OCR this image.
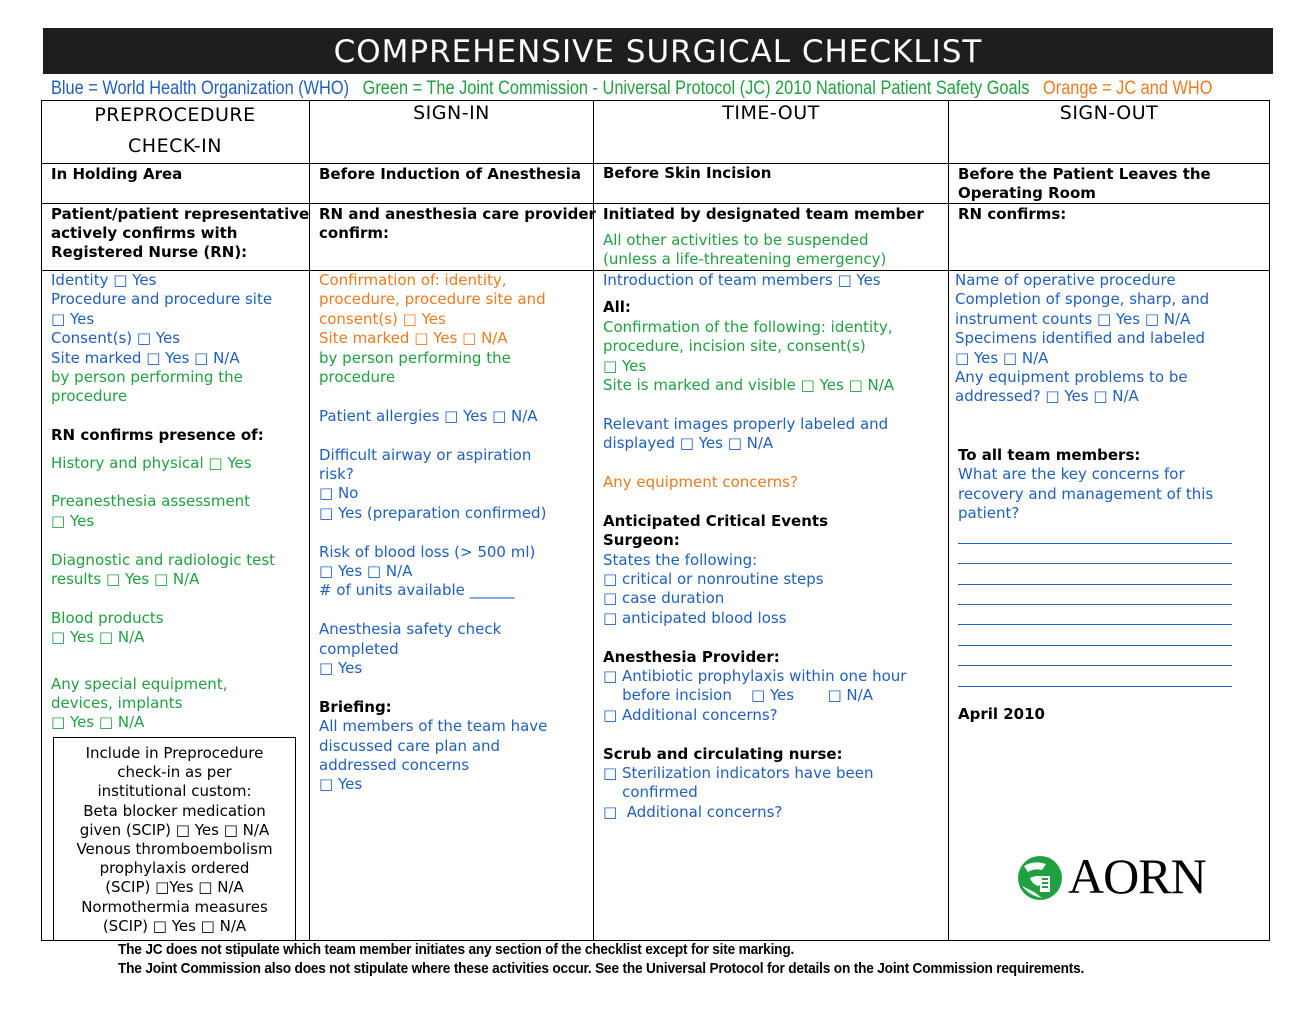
COMPREHENSIVE SURGICAL CHECKLIST
Blue = World Health Organization (WHO) Green = The Joint Commission - Universal Protocol (JC) 2010 National Patient Safety Goals Orange = JC and WHO
PREPROCEDURE
CHECK-IN
In Holding Area
Patient/patient representative
actively confirms with
Registered Nurse (RN):
Identity □ Yes
Procedure and procedure site
□ Yes
Consent(s) □ Yes
Site marked □ Yes □ N/A
by person performing the
procedure
RN confirms presence of:
History and physical □ Yes
Preanesthesia assessment
□ Yes
Diagnostic and radiologic test
results □ Yes □ N/A
Blood products
□ Yes □ N/A
Any special equipment,
devices, implants
□ Yes □ N/A
Include in Preprocedure
check-in as per
institutional custom:
Beta blocker medication
given (SCIP) □ Yes □ N/A
Venous thromboembolism
prophylaxis ordered
(SCIP) □Yes □ N/A
Normothermia measures
(SCIP) □ Yes □ N/A
SIGN-IN
Before Induction of Anesthesia
RN and anesthesia care provider
confirm:
Confirmation of: identity,
procedure, procedure site and
consent(s) □ Yes
Site marked □ Yes □ N/A
by person performing the
procedure
Patient allergies □ Yes □ N/A
Difficult airway or aspiration
risk?
□ No
□ Yes (preparation confirmed)
Risk of blood loss (> 500 ml)
□ Yes □ N/A
# of units available ______
Anesthesia safety check
completed
□ Yes
Briefing:
All members of the team have
discussed care plan and
addressed concerns
□ Yes
TIME-OUT
Before Skin Incision
Initiated by designated team member
All other activities to be suspended
(unless a life-threatening emergency)
Introduction of team members □ Yes
All:
Confirmation of the following: identity,
procedure, incision site, consent(s)
□ Yes
Site is marked and visible □ Yes □ N/A
Relevant images properly labeled and
displayed □ Yes □ N/A
Any equipment concerns?
Anticipated Critical Events
Surgeon:
States the following:
□ critical or nonroutine steps
□ case duration
□ anticipated blood loss
Anesthesia Provider:
□ Antibiotic prophylaxis within one hour
before incision    □ Yes       □ N/A
□ Additional concerns?
Scrub and circulating nurse:
□ Sterilization indicators have been
confirmed
□  Additional concerns?
SIGN-OUT
Before the Patient Leaves the
Operating Room
RN confirms:
Name of operative procedure
Completion of sponge, sharp, and
instrument counts □ Yes □ N/A
Specimens identified and labeled
□ Yes □ N/A
Any equipment problems to be
addressed? □ Yes □ N/A
To all team members:
What are the key concerns for
recovery and management of this
patient?
April 2010
AORN
The JC does not stipulate which team member initiates any section of the checklist except for site marking.
The Joint Commission also does not stipulate where these activities occur. See the Universal Protocol for details on the Joint Commission requirements.
